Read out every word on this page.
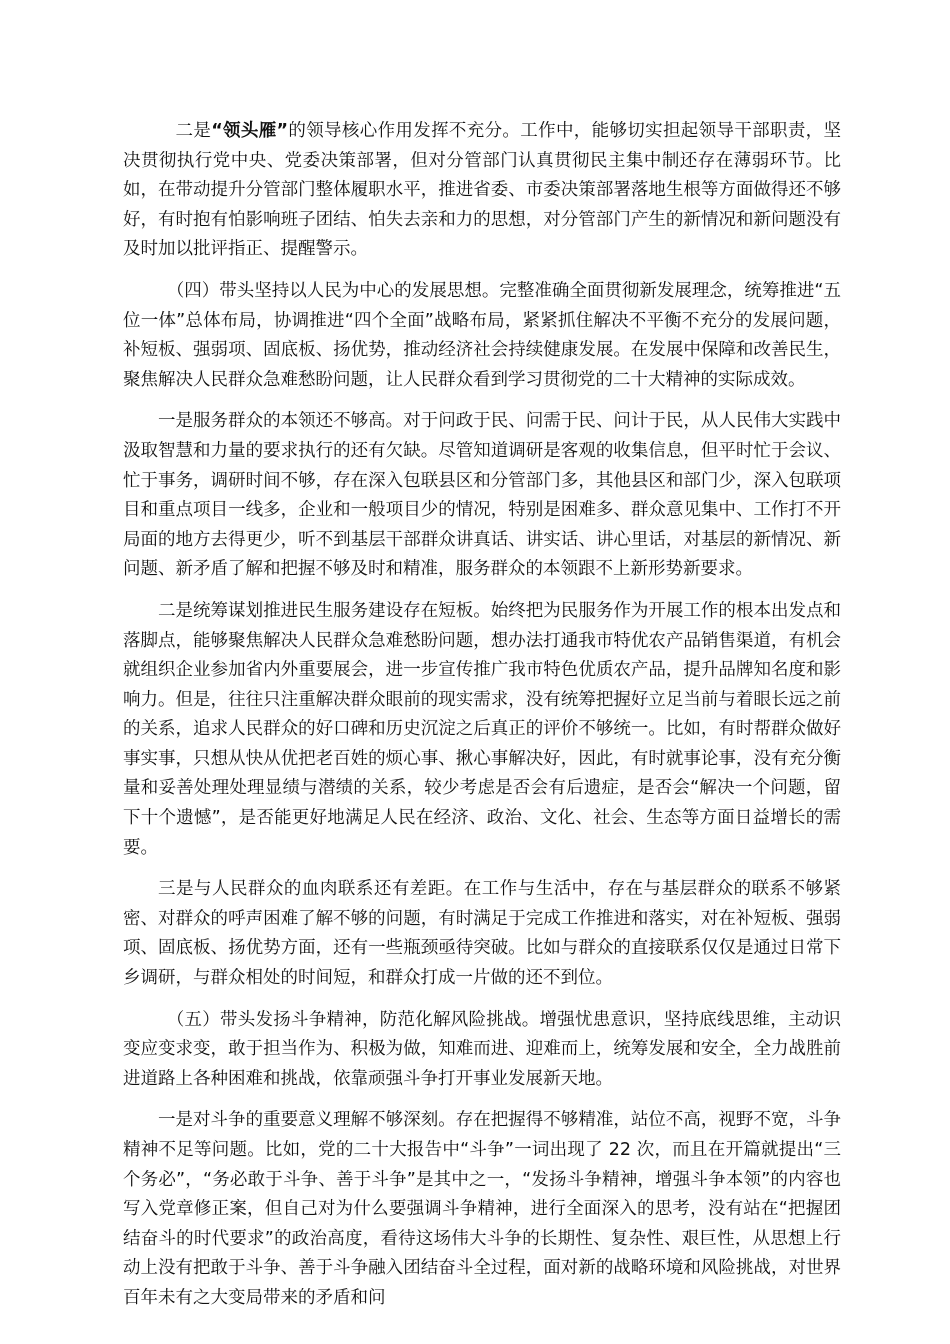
二是“领头雁”的领导核心作用发挥不充分。工作中，能够切实担起领导干部职责，坚决贯彻执行党中央、党委决策部署，但对分管部门认真贯彻民主集中制还存在薄弱环节。比如，在带动提升分管部门整体履职水平，推进省委、市委决策部署落地生根等方面做得还不够好，有时抱有怕影响班子团结、怕失去亲和力的思想，对分管部门产生的新情况和新问题没有及时加以批评指正、提醒警示。

（四）带头坚持以人民为中心的发展思想。完整准确全面贯彻新发展理念，统筹推进“五位一体”总体布局，协调推进“四个全面”战略布局，紧紧抓住解决不平衡不充分的发展问题，补短板、强弱项、固底板、扬优势，推动经济社会持续健康发展。在发展中保障和改善民生，聚焦解决人民群众急难愁盼问题，让人民群众看到学习贯彻党的二十大精神的实际成效。

一是服务群众的本领还不够高。对于问政于民、问需于民、问计于民，从人民伟大实践中汲取智慧和力量的要求执行的还有欠缺。尽管知道调研是客观的收集信息，但平时忙于会议、忙于事务，调研时间不够，存在深入包联县区和分管部门多，其他县区和部门少，深入包联项目和重点项目一线多，企业和一般项目少的情况，特别是困难多、群众意见集中、工作打不开局面的地方去得更少，听不到基层干部群众讲真话、讲实话、讲心里话，对基层的新情况、新问题、新矛盾了解和把握不够及时和精准，服务群众的本领跟不上新形势新要求。

二是统筹谋划推进民生服务建设存在短板。始终把为民服务作为开展工作的根本出发点和落脚点，能够聚焦解决人民群众急难愁盼问题，想办法打通我市特优农产品销售渠道，有机会就组织企业参加省内外重要展会，进一步宣传推广我市特色优质农产品，提升品牌知名度和影响力。但是，往往只注重解决群众眼前的现实需求，没有统筹把握好立足当前与着眼长远之前的关系，追求人民群众的好口碑和历史沉淀之后真正的评价不够统一。比如，有时帮群众做好事实事，只想从快从优把老百姓的烦心事、揪心事解决好，因此，有时就事论事，没有充分衡量和妥善处理处理显绩与潜绩的关系，较少考虑是否会有后遗症，是否会“解决一个问题，留下十个遗憾”，是否能更好地满足人民在经济、政治、文化、社会、生态等方面日益增长的需要。

三是与人民群众的血肉联系还有差距。在工作与生活中，存在与基层群众的联系不够紧密、对群众的呼声困难了解不够的问题，有时满足于完成工作推进和落实，对在补短板、强弱项、固底板、扬优势方面，还有一些瓶颈亟待突破。比如与群众的直接联系仅仅是通过日常下乡调研，与群众相处的时间短，和群众打成一片做的还不到位。

（五）带头发扬斗争精神，防范化解风险挑战。增强忧患意识，坚持底线思维，主动识变应变求变，敢于担当作为、积极为做，知难而进、迎难而上，统筹发展和安全，全力战胜前进道路上各种困难和挑战，依靠顽强斗争打开事业发展新天地。

一是对斗争的重要意义理解不够深刻。存在把握得不够精准，站位不高，视野不宽，斗争精神不足等问题。比如，党的二十大报告中“斗争”一词出现了 22 次，而且在开篇就提出“三个务必”，“务必敢于斗争、善于斗争”是其中之一，“发扬斗争精神，增强斗争本领”的内容也写入党章修正案，但自己对为什么要强调斗争精神，进行全面深入的思考，没有站在“把握团结奋斗的时代要求”的政治高度，看待这场伟大斗争的长期性、复杂性、艰巨性，从思想上行动上没有把敢于斗争、善于斗争融入团结奋斗全过程，面对新的战略环境和风险挑战，对世界百年未有之大变局带来的矛盾和问
